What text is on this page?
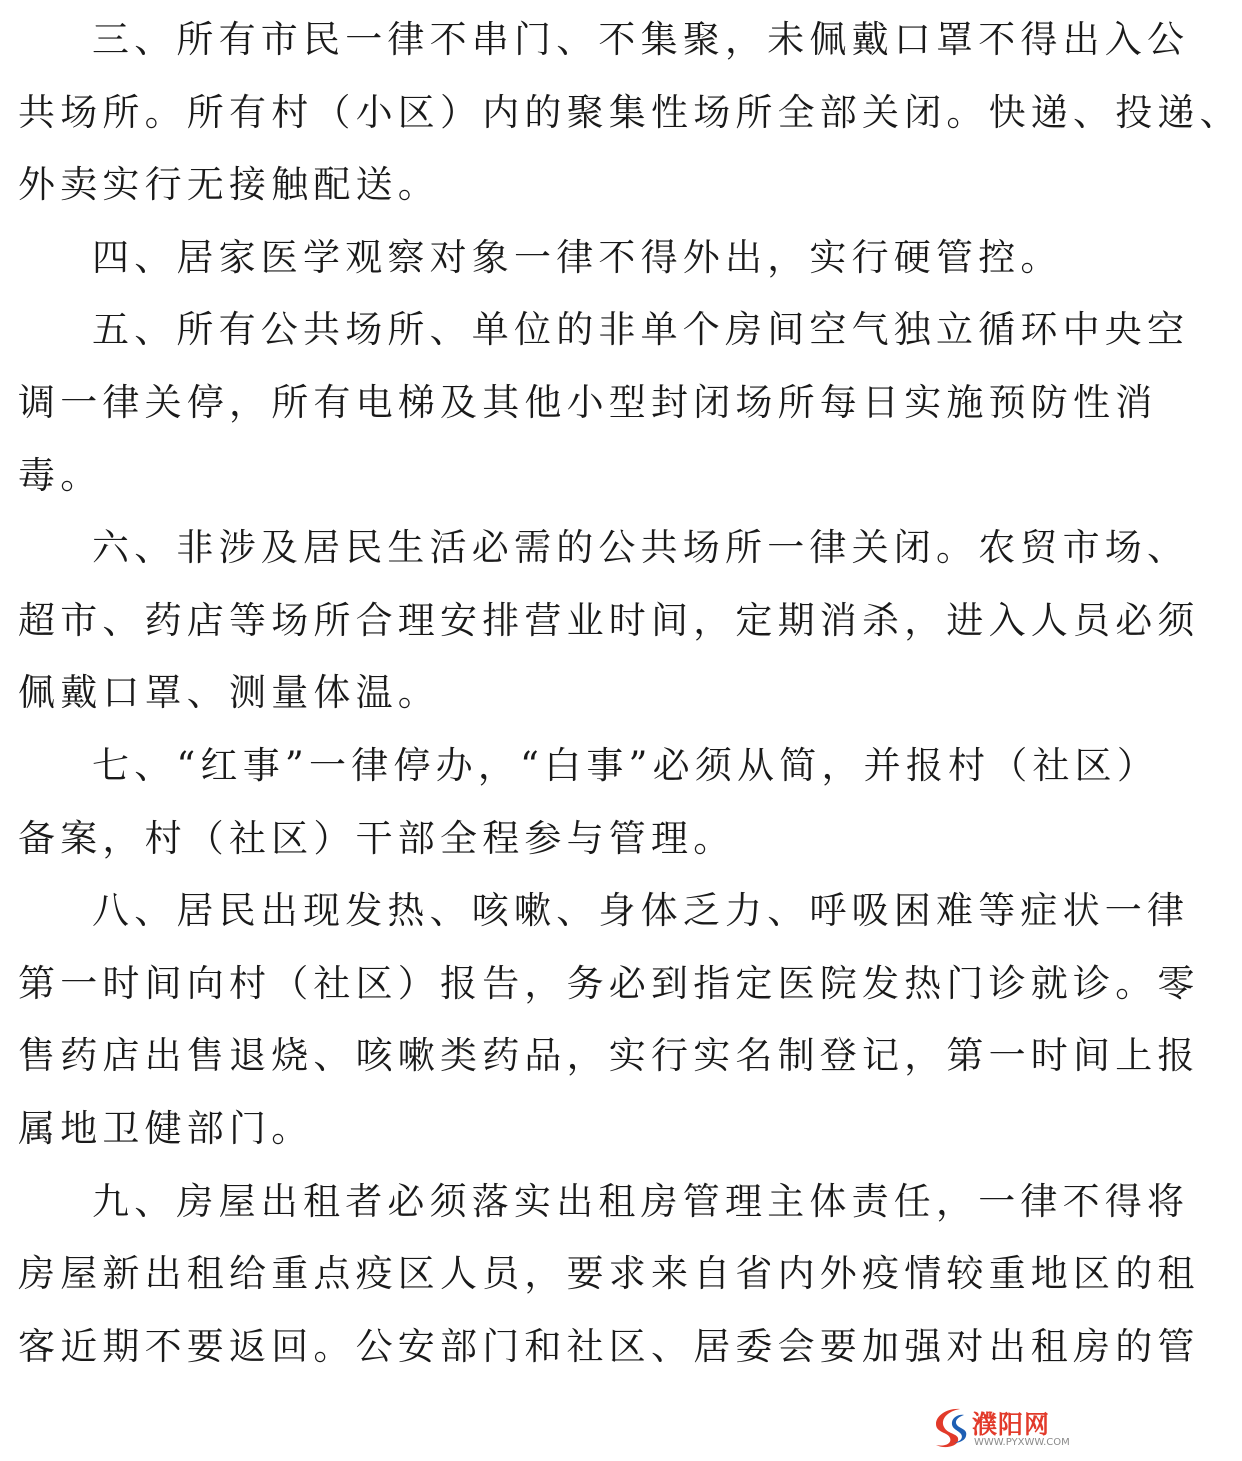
三、所有市民一律不串门、不集聚，未佩戴口罩不得出入公
共场所。所有村（小区）内的聚集性场所全部关闭。快递、投递、
外卖实行无接触配送。
四、居家医学观察对象一律不得外出，实行硬管控。
五、所有公共场所、单位的非单个房间空气独立循环中央空
调一律关停，所有电梯及其他小型封闭场所每日实施预防性消
毒。
六、非涉及居民生活必需的公共场所一律关闭。农贸市场、
超市、药店等场所合理安排营业时间，定期消杀，进入人员必须
佩戴口罩、测量体温。
七、“红事”一律停办，“白事”必须从简，并报村（社区）
备案，村（社区）干部全程参与管理。
八、居民出现发热、咳嗽、身体乏力、呼吸困难等症状一律
第一时间向村（社区）报告，务必到指定医院发热门诊就诊。零
售药店出售退烧、咳嗽类药品，实行实名制登记，第一时间上报
属地卫健部门。
九、房屋出租者必须落实出租房管理主体责任，一律不得将
房屋新出租给重点疫区人员，要求来自省内外疫情较重地区的租
客近期不要返回。公安部门和社区、居委会要加强对出租房的管
濮阳网
WWW.PYXWW.COM
